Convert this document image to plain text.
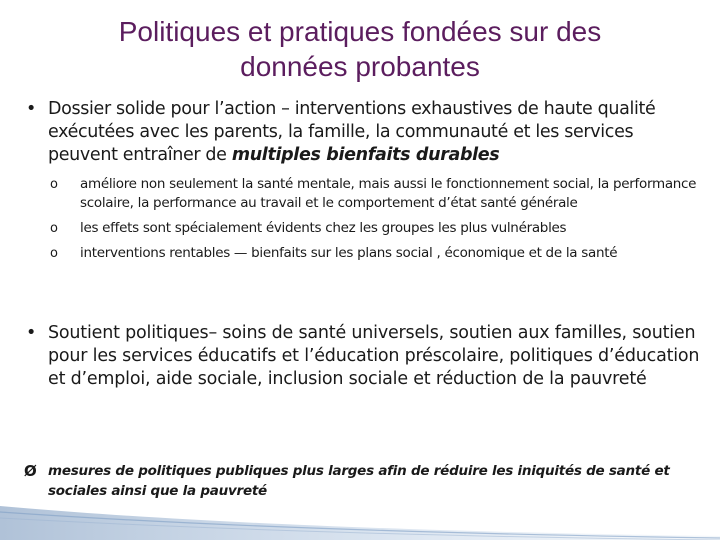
Politiques et pratiques fondées sur des
données probantes
• Dossier solide pour l’action – interventions exhaustives de haute qualité exécutées avec les parents, la famille, la communauté et les services peuvent entraîner de multiples bienfaits durables
o améliore non seulement la santé mentale, mais aussi le fonctionnement social, la performance scolaire, la performance au travail et le comportement d’état santé générale
o les effets sont spécialement évidents chez les groupes les plus vulnérables
o interventions rentables — bienfaits sur les plans social , économique et de la santé
• Soutient politiques– soins de santé universels, soutien aux familles, soutien pour les services éducatifs et l’éducation préscolaire, politiques d’éducation et d’emploi, aide sociale, inclusion sociale et réduction de la pauvreté
Ø mesures de politiques publiques plus larges afin de réduire les iniquités de santé et sociales ainsi que la pauvreté
